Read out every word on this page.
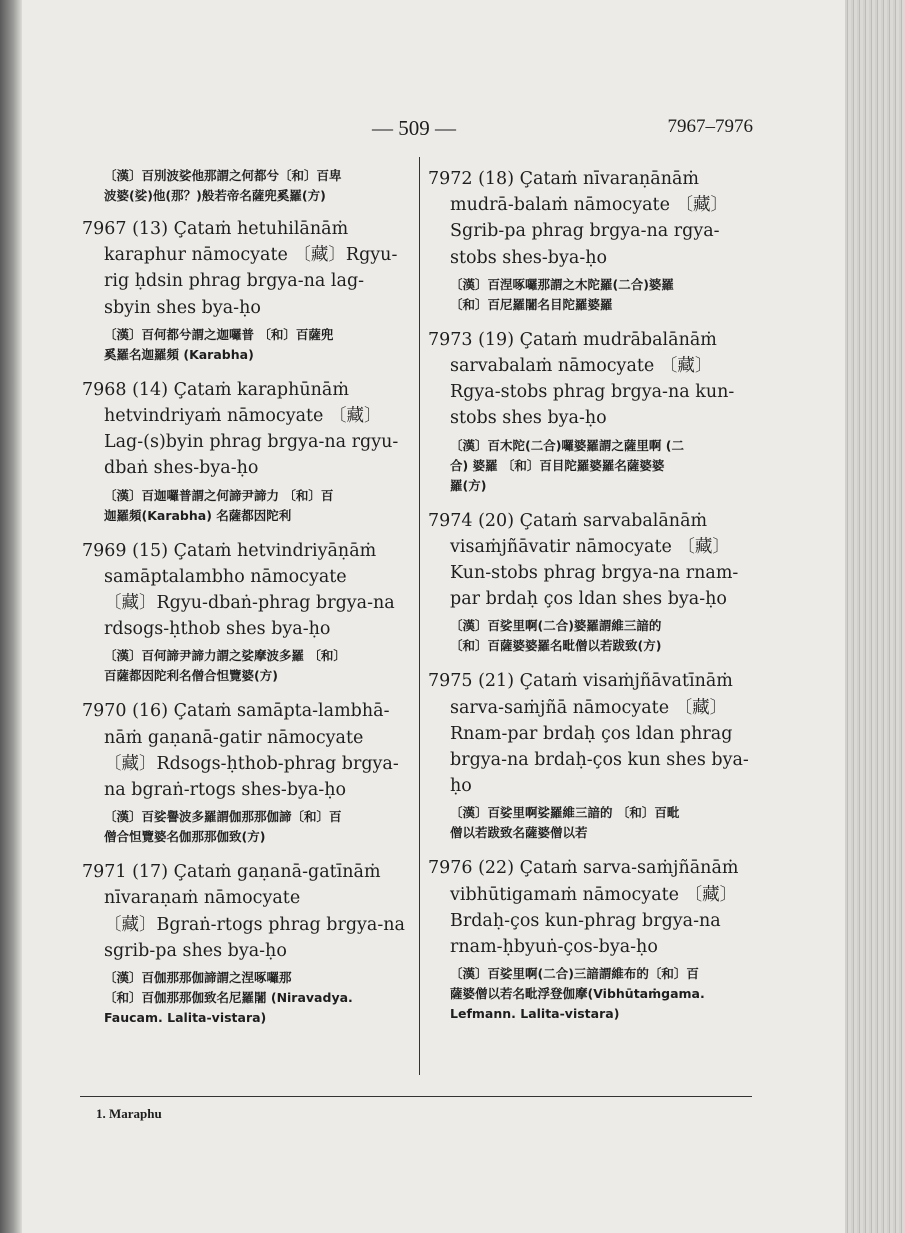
— 509 —	7967–7976
〔漢〕百別波娑他那謂之何都兮〔和〕百卑
波婆(娑)他(那？)般若帝名薩兜奚羅(方)
7967 (13) Çataṁ hetuhilānāṁ
karaphur nāmocyate 〔藏〕Rgyu-
rig ḥdsin phrag brgya-na lag-
sbyin shes bya-ḥo
〔漢〕百何都兮謂之迦囉普 〔和〕百薩兜
奚羅名迦羅頻 (Karabha)
7968 (14) Çataṁ karaphūnāṁ
hetvindriyaṁ nāmocyate 〔藏〕
Lag-(s)byin phrag brgya-na rgyu-
dbaṅ shes-bya-ḥo
〔漢〕百迦囉普謂之何諦尹諦力 〔和〕百
迦羅頻(Karabha) 名薩都因陀利
7969 (15) Çataṁ hetvindriyāṇāṁ
samāptalambho nāmocyate
〔藏〕Rgyu-dbaṅ-phrag brgya-na
rdsogs-ḥthob shes bya-ḥo
〔漢〕百何諦尹諦力謂之娑摩波多羅 〔和〕
百薩都因陀利名僧合怛覽婆(方)
7970 (16) Çataṁ samāpta-lambhā-
nāṁ gaṇanā-gatir nāmocyate
〔藏〕Rdsogs-ḥthob-phrag brgya-
na bgraṅ-rtogs shes-bya-ḥo
〔漢〕百娑譽波多羅謂伽那那伽諦〔和〕百
僧合怛覽婆名伽那那伽致(方)
7971 (17) Çataṁ gaṇanā-gatīnāṁ
nīvaraṇaṁ nāmocyate
〔藏〕Bgraṅ-rtogs phrag brgya-na
sgrib-pa shes bya-ḥo
〔漢〕百伽那那伽諦謂之涅啄囉那
〔和〕百伽那那伽致名尼羅闍 (Niravadya.
Faucam. Lalita-vistara)
7972 (18) Çataṁ nīvaraṇānāṁ
mudrā-balaṁ nāmocyate 〔藏〕
Sgrib-pa phrag brgya-na rgya-
stobs shes-bya-ḥo
〔漢〕百涅啄囉那謂之木陀羅(二合)婆羅
〔和〕百尼羅闍名目陀羅婆羅
7973 (19) Çataṁ mudrābalānāṁ
sarvabalaṁ nāmocyate 〔藏〕
Rgya-stobs phrag brgya-na kun-
stobs shes bya-ḥo
〔漢〕百木陀(二合)囉婆羅謂之薩里啊 (二
合) 婆羅 〔和〕百目陀羅婆羅名薩婆婆
羅(方)
7974 (20) Çataṁ sarvabalānāṁ
visaṁjñāvatir nāmocyate 〔藏〕
Kun-stobs phrag brgya-na rnam-
par brdaḥ ços ldan shes bya-ḥo
〔漢〕百娑里啊(二合)婆羅謂維三諳的
〔和〕百薩婆婆羅名毗僧以若跋致(方)
7975 (21) Çataṁ visaṁjñāvatīnāṁ
sarva-saṁjñā nāmocyate 〔藏〕
Rnam-par brdaḥ ços ldan phrag
brgya-na brdaḥ-ços kun shes bya-
ḥo
〔漢〕百娑里啊娑羅維三諳的 〔和〕百毗
僧以若跋致名薩婆僧以若
7976 (22) Çataṁ sarva-saṁjñānāṁ
vibhūtigamaṁ nāmocyate 〔藏〕
Brdaḥ-ços kun-phrag brgya-na
rnam-ḥbyuṅ-ços-bya-ḥo
〔漢〕百娑里啊(二合)三諳謂維布的〔和〕百
薩婆僧以若名毗浮登伽摩(Vibhūtaṁgama.
Lefmann. Lalita-vistara)
1. Maraphu
